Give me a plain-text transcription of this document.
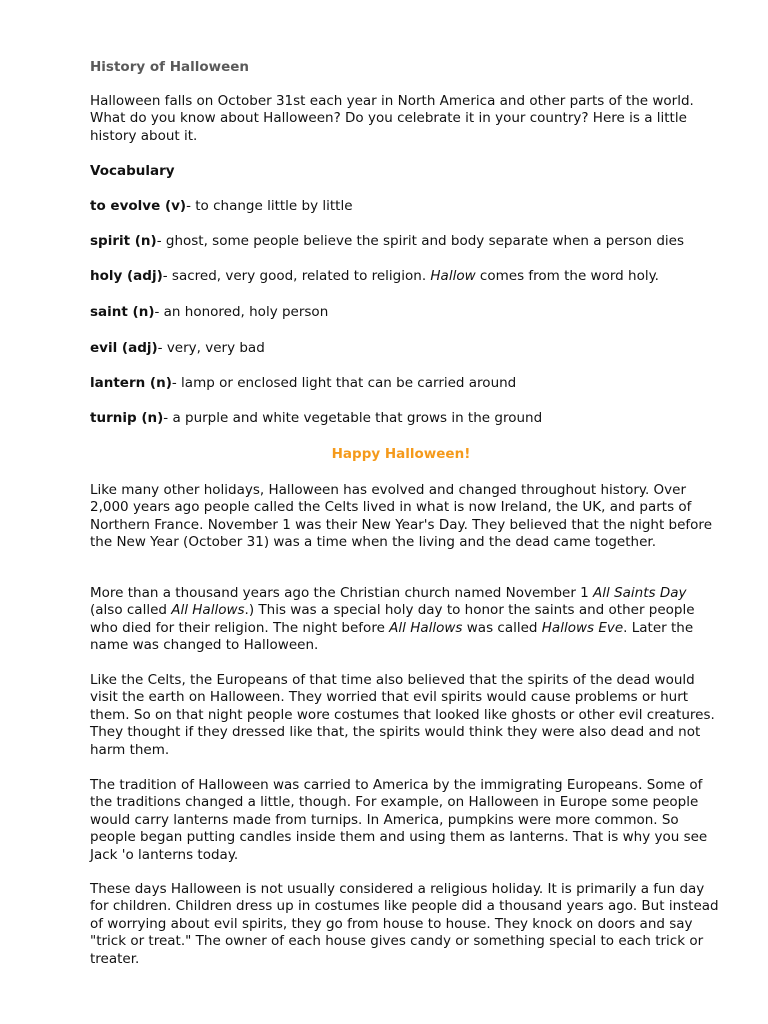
History of Halloween

Halloween falls on October 31st each year in North America and other parts of the world. What do you know about Halloween? Do you celebrate it in your country? Here is a little history about it.

Vocabulary

to evolve (v)- to change little by little

spirit (n)- ghost, some people believe the spirit and body separate when a person dies

holy (adj)- sacred, very good, related to religion. Hallow comes from the word holy.

saint (n)- an honored, holy person

evil (adj)- very, very bad

lantern (n)- lamp or enclosed light that can be carried around

turnip (n)- a purple and white vegetable that grows in the ground

Happy Halloween!

Like many other holidays, Halloween has evolved and changed throughout history. Over 2,000 years ago people called the Celts lived in what is now Ireland, the UK, and parts of Northern France. November 1 was their New Year's Day. They believed that the night before the New Year (October 31) was a time when the living and the dead came together.

More than a thousand years ago the Christian church named November 1 All Saints Day (also called All Hallows.) This was a special holy day to honor the saints and other people who died for their religion. The night before All Hallows was called Hallows Eve. Later the name was changed to Halloween.

Like the Celts, the Europeans of that time also believed that the spirits of the dead would visit the earth on Halloween. They worried that evil spirits would cause problems or hurt them. So on that night people wore costumes that looked like ghosts or other evil creatures. They thought if they dressed like that, the spirits would think they were also dead and not harm them.

The tradition of Halloween was carried to America by the immigrating Europeans. Some of the traditions changed a little, though. For example, on Halloween in Europe some people would carry lanterns made from turnips. In America, pumpkins were more common. So people began putting candles inside them and using them as lanterns. That is why you see Jack 'o lanterns today.

These days Halloween is not usually considered a religious holiday. It is primarily a fun day for children. Children dress up in costumes like people did a thousand years ago. But instead of worrying about evil spirits, they go from house to house. They knock on doors and say "trick or treat." The owner of each house gives candy or something special to each trick or treater.
